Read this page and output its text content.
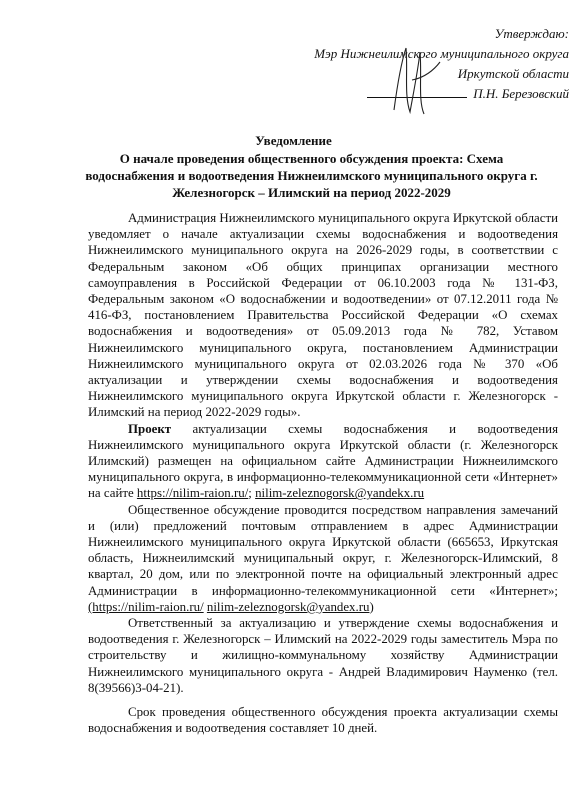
Утверждаю:
Мэр Нижнеилимского муниципального округа
Иркутской области
П.Н. Березовский
Уведомление
О начале проведения общественного обсуждения проекта: Схема водоснабжения и водоотведения Нижнеилимского муниципального округа г. Железногорск – Илимский на период 2022-2029

Администрация Нижнеилимского муниципального округа Иркутской области уведомляет о начале актуализации схемы водоснабжения и водоотведения Нижнеилимского муниципального округа на 2026-2029 годы, в соответствии с Федеральным законом «Об общих принципах организации местного самоуправления в Российской Федерации от 06.10.2003 года № 131-ФЗ, Федеральным законом «О водоснабжении и водоотведении» от 07.12.2011 года № 416-ФЗ, постановлением Правительства Российской Федерации «О схемах водоснабжения и водоотведения» от 05.09.2013 года № 782, Уставом Нижнеилимского муниципального округа, постановлением Администрации Нижнеилимского муниципального округа от 02.03.2026 года № 370 «Об актуализации и утверждении схемы водоснабжения и водоотведения Нижнеилимского муниципального округа Иркутской области г. Железногорск - Илимский на период 2022-2029 годы».

Проект актуализации схемы водоснабжения и водоотведения Нижнеилимского муниципального округа Иркутской области (г. Железногорск Илимский) размещен на официальном сайте Администрации Нижнеилимского муниципального округа, в информационно-телекоммуникационной сети «Интернет» на сайте https://nilim-raion.ru/; nilim-zeleznogorsk@yandekx.ru

Общественное обсуждение проводится посредством направления замечаний и (или) предложений почтовым отправлением в адрес Администрации Нижнеилимского муниципального округа Иркутской области (665653, Иркутская область, Нижнеилимский муниципальный округ, г. Железногорск-Илимский, 8 квартал, 20 дом, или по электронной почте на официальный электронный адрес Администрации в информационно-телекоммуникационной сети «Интернет»; (https://nilim-raion.ru/ nilim-zeleznogorsk@yandex.ru)

Ответственный за актуализацию и утверждение схемы водоснабжения и водоотведения г. Железногорск – Илимский на 2022-2029 годы заместитель Мэра по строительству и жилищно-коммунальному хозяйству Администрации Нижнеилимского муниципального округа - Андрей Владимирович Науменко (тел. 8(39566)3-04-21).

Срок проведения общественного обсуждения проекта актуализации схемы водоснабжения и водоотведения составляет 10 дней.
